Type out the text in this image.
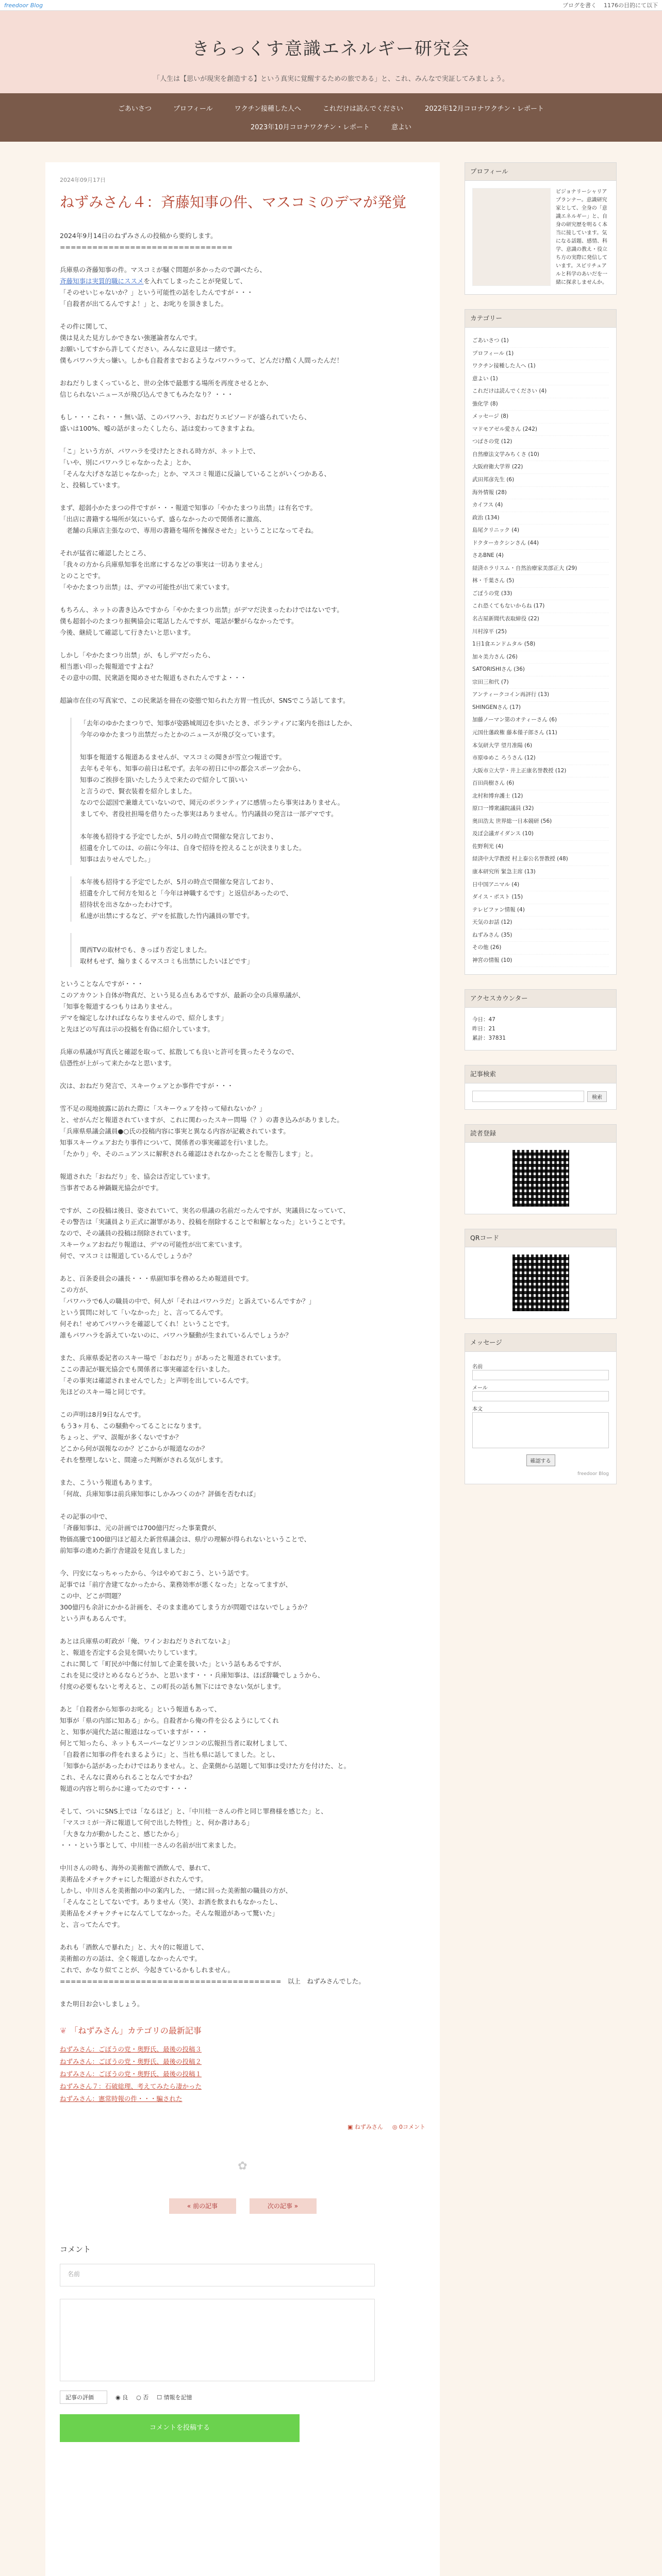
freedoor Blog	ブログを書く 1176の目的にて以下
きらっくす意識エネルギー研究会
「人生は【思いが現実を創造する】という真実に覚醒するための旅である」と、これ、みんなで実証してみましょう。
ごあいさつ	プロフィール	ワクチン接種した人へ	これだけは読んでください	2022年12月コロナワクチン・レポート
2023年10月コロナワクチン・レポート	意よい
2024年09月17日
ねずみさん４：斉藤知事の件、マスコミのデマが発覚

2024年9月14日のねずみさんの投稿から要約します。
================================

兵庫県の斉藤知事の件。マスコミが騒ぐ問題が多かったので調べたら、
斉藤知事は実質的職にススメを入れてしまったことが発覚して、
「そのせいじゃないか？」という可能性の話をしたんですが・・・
「自殺者が出てるんですよ！」と、お叱りを頂きました。

その件に関して、
僕は見えた見方しかできない強運論者なんです。
お願いしてすから許してください。みんなに意見は一緒です。
僕もパワハラ大っ嫌い。しかも自殺者までおるようなパワハラって、どんだけ酷く人間ったんだ！

おねだりしまくっていると、世の全体で最悪する場所を再度させるとか、
信じられないニュースが飛び込んできてもみたなり？・・・

もし・・・これ・・・無い話、このパワハラ、おねだりエピソードが盛られていたら、
盛いは100%、嘘の話がまったくしたら、話は変わってきますよね。

「こ」という方が、パワハラを受けたとされる時方が、ネット上で、
「いや、別にパワハラじゃなかったよ」とか、
「そんな大げさな話じゃなかった」とか、マスコミ報道に反論していることがいくつかある、
と、投稿しています。

まず、超弱小かたまつの件ですが・・・報道で知事の「やかたまつり出禁」は有名です。
「出店に書籍する場所が気にいらず、盛らなかったので関係者に激高、
　老舗の兵庫店主張なので、専用の書籍を場所を擁保させた」ということになってそね。

それが猛省に確認したところ、
「我々の方から兵庫県知事を出席にするなどの事実は一切ありません」
とのことです。
「やかたまつり出禁」は、デマの可能性が出て来ています。

もちろん、ネットの書き込みですから「やかたまつり出禁」がデマだ決まったわけではないです。
僕も超弱小のたまつり振興協会に電話したんですが、電話が繋がらなかったです。
今後、継続して確認して行きたいと思います。

しかし「やかたまつり出禁」が、もしデマだったら、
相当悪い印った報報道ですよね？
その意中の間、民衆語を聞めさせた報道もされたんですよ・・・

超論市在住の写真家で、この民衆話を冊在の姿態で知られた方胃一性氏が、SNSでこう話してます。

「去年のゆかたまつりで、知事が姿路城周辺を歩いたとき、ボランティアに案内を指はしたか、
今年のゆかたまつり出禁だったとかのニュースが飛び交っています。

知事を報道する報道あるませんが、マスコミの聞きが雪立つ報道です。
去年もそ年も、知事の前日は私でず。去年の初日に中の都会スポーツ会から、
知事のご挨拶を頂いたしたうえで来たので紹介して頂いい
と言うので、賢衣装着を紹介しました。
なので公認国で兼雄えていないので、岡元のボランティアに感情ったら事実はありません。
ましてや、者役社担場を借りたった事実はありません。竹内議員の発言は一部デマです。

本年後も招待する予定でしたが、5月の時点で開催な発言しており、
招遺を介してのは、の前に今年は、自身で招待を控えることが決まりました。
知事は去りせんでした。」
本年後も招待する予定でしたが、5月の時点で開催な発言しており、
招遺を介して何方を知ると「今年は神職するです」と返信があったので、
招待状を出さなかったわけです。
私達が出禁にするなど、デマを拡散した竹内議員の罪です。

関西TVの取材でも、きっぱり否定しました。
取材もせず、煽りまくるマスコミも出禁にしたいほどです」

ということなんですが・・・
このアカウント自体が物真だ、という見る点もあるですが、最新の全の兵庫県議が、
「知事を報道するつもりはありません。
デマを煽定しなければならなりませんので、紹介します」
と先ほどの写真は示の投稿を有偽に紹介しています。

兵庫の県議が写真氏と確認を取って、拡散しても良いと許可を貰ったそうなので、
信憑性が上がって来たかなと思います。

次は、おねだり発言で、スキーウェアとか事件ですが・・・

雪不足の現地披露に訪れた際に「スキーウェアを持って帰れないか？」
と、せがんだと報道されていますが、これに関わったスキー問場（？）の書き込みがありました。
「兵庫県県議会議員●○氏の投稿内容に事実と異なる内容が記載されています。
知事スキーウェアおたり事件について、関係者の事実確認を行いました。
「たかり」や、そのニュアンスに解釈される確認はされなかったことを報告します」と。

報道された「おねだり」を、協会は否定しています。
当事者である神鍋観光協会がです。

ですが、この投稿は後日、姿されていて、実名の県議の名前だったんですが、実議員になっていて、
その警告は「実議員より正式に謝罪があり、投稿を削除することで和解となった」ということです。
なので、その議員の投稿は削除されています。
スキーウェアおねだり報道は、デマの可能性が出て来ています。
何で、マスコミは報道しているんでしょうか？

あと、百条委員会の議長・・・県副知事を務めるため報道員です。
この方が、
「パワハラで6人の職員の中で、何人が「それはパワハラだ」と訴えているんですか？」
という質問に対して「いなかった」と、言ってるんです。
何それ！せめてパワハラを確認してくれ！ということです。
誰もパワハラを訴えていないのに、パワハラ騒動が生まれているんでしょうか？

また、兵庫県委記者のスキー場で「おねだり」があったと報道されています。
ここの書記が観光協会でも関係者に事実確認を行いました。
「その事実は確認されませんでした」と声明を出しているんです。
先ほどのスキー場と同じです。

この声明は8月9日なんです。
もう3ヶ月も、この騒動やってることになります。
ちょっと、デマ、誤報が多くないですか？
どこから何が誤報なのか？どこからが報道なのか？
それを整理しないと、間違った判断がされる気がします。

また、こういう報道もあります。
「何故、兵庫知事は前兵庫知事にしかみつくのか？評価を否むれば」

その記事の中で、
「斉藤知事は、元の計画では700億円だった事業費が、
物価高騰で100億円ほど超えた新営県議会は、県庁の理解が得られないということで、
前知事の進めた新庁舎建設を見直しました」

今、円安になっちゃったから、今はやめておこう、という話です。
記事では「前庁舎建てなかったから、業務効率が悪くなった」となってますが、
この中、どこが問題？
300億円も余計にかかる計画を、そのまま進めてしまう方が問題ではないでしょうか？
という声もあるんです。

あとは兵庫県の町政が「俺、ワインおねだりされてないよ」
と、報道を否定する会見を開いたりしています。
これに関して「町民が中傷に付加して企業を扱いた」という話もあるですが、
これを見に受けとめるならどうか、と思います・・・兵庫知事は、ほぼ辞職でしょうから、
付度の必要もないと考えると、この町長の話も無下にはできない気がします。

あと「自殺者から知事のお叱る」という報道もあって、
知事が「県の内部に知ある」から。自殺者から俺の件を公るようにしてくれ
と、知事が滝代た話に報道はなっていますが・・・
何とて知ったら、ネットもスーパーなどリンコンの広報担当者に取材しまして、
「自殺者に知事の件をれまるように」と、当社も県に話してました。とし、
「知事から話があったわけではありません。と、企業側から話題して知事は受けた方を付けた、と。
これ、そんなに責められることなんですかね？
報道の内容と明らかに違ってたのです・・・

そして、ついにSNS上では「なるほど」と、「中川桂一さんの件と同じ罪務様を感じた」と、
「マスコミが一斉に報道して何で出した特性」と、何か書けある」
「大きな力が動かしたこと、感じたから」
・・・という事として、中川桂一さんの名前が出て来ました。

中川さんの時も、海外の美術館で酒飲んで、暴れて、
美術品をメチャクチャにした報道がされたんです。
しかし、中川さんを美術館の中の案内した、一緒に回った美術館の職員の方が、
「そんなことしてないです。ありません（笑）、お酒を飲まれもなかったし、
美術品をメチャクチャになんてしてなかった。そんな報道があって驚いた」
と、言ってたんです。

あれも「酒飲んで暴れた」と、大々的に報道して、
美術館の方の話は、全く報道しなかったんです。
これで、かなり似てことが、今起きているかもしれません。
=========================================　以上　ねずみさんでした。

また明日お会いしましょう。

❦ 「ねずみさん」カテゴリの最新記事
ねずみさん：ごぼうの党・奥野氏、最後の投稿３
ねずみさん：ごぼうの党・奥野氏、最後の投稿２
ねずみさん：ごぼうの党・奥野氏、最後の投稿１
ねずみさん７：石破総理、考えてみたら凄かった
ねずみさん：憲常時報の件・・・騙された
▣ ねずみさん ◎ 0コメント
✿
« 前の記事	次の記事 »
コメント
名前
記事の評価	◉ 良 ○ 否 ☐ 情報を記憶
コメントを投稿する
プロフィール
ビジョナリーシャリアプランナー。意識研究家として、全身の「意識エネルギー」と、自身の研究歴を明るく本当に接しています。気になる話題、感情、科学、意識の教え・役立ち方の実際に発信しています。スピリチュアルと科学のあいだを一緒に探求しませんか。
カテゴリー
ごあいさつ (1)
プロフィール (1)
ワクチン接種した人へ (1)
意よい (1)
これだけは読んでください (4)
強化学 (8)
メッセージ (8)
マドモアゼル愛さん (242)
つばさの党 (12)
自然療法文学みちくさ (10)
大阪府衛大学界 (22)
武田邦彦先生 (6)
海外情報 (28)
カイフス (4)
政治 (134)
島尾クリニック (4)
ドクターカクシンさん (44)
さあBNE (4)
経済ホラリスム・自然治療家美部正大 (29)
林・千葉さん (5)
ごぼうの党 (33)
これ恐くてもないからね (17)
名古屋新聞代表取締役 (22)
川村淳平 (25)
1日1食エンドムタル (58)
加々美力さん (26)
SATORISHIさん (36)
宗田三和代 (7)
アンティークコイン再評行 (13)
SHINGENさん (17)
加藤ノーマン第のオティーさん (6)
元国仕藩政権 藤本僅子郎さん (11)
本気研大学 望月准陽 (6)
市原ゆめこ ろうさん (12)
大阪市立大学・井上正康名誉教授 (12)
百田尚樹さん (6)
北村和博弁護士 (12)
原口一博衆議院議員 (32)
奥田浩太 世界総一日本競研 (56)
及ぼ会議ガイダンス (10)
佐野利光 (4)
経済中大学教授 村上泰公名誉教授 (48)
康本研究所 緊急主席 (13)
日中国アニマル (4)
ダイス・ポスト (15)
テレビファン情報 (4)
天気のお話 (12)
ねずみさん (35)
その他 (26)
神宮の情報 (10)
アクセスカウンター
今日：47
昨日：21
累計：37831
記事検索
検索
読者登録
QRコード
メッセージ
名前
メール
本文
確認する
freedoor Blog
